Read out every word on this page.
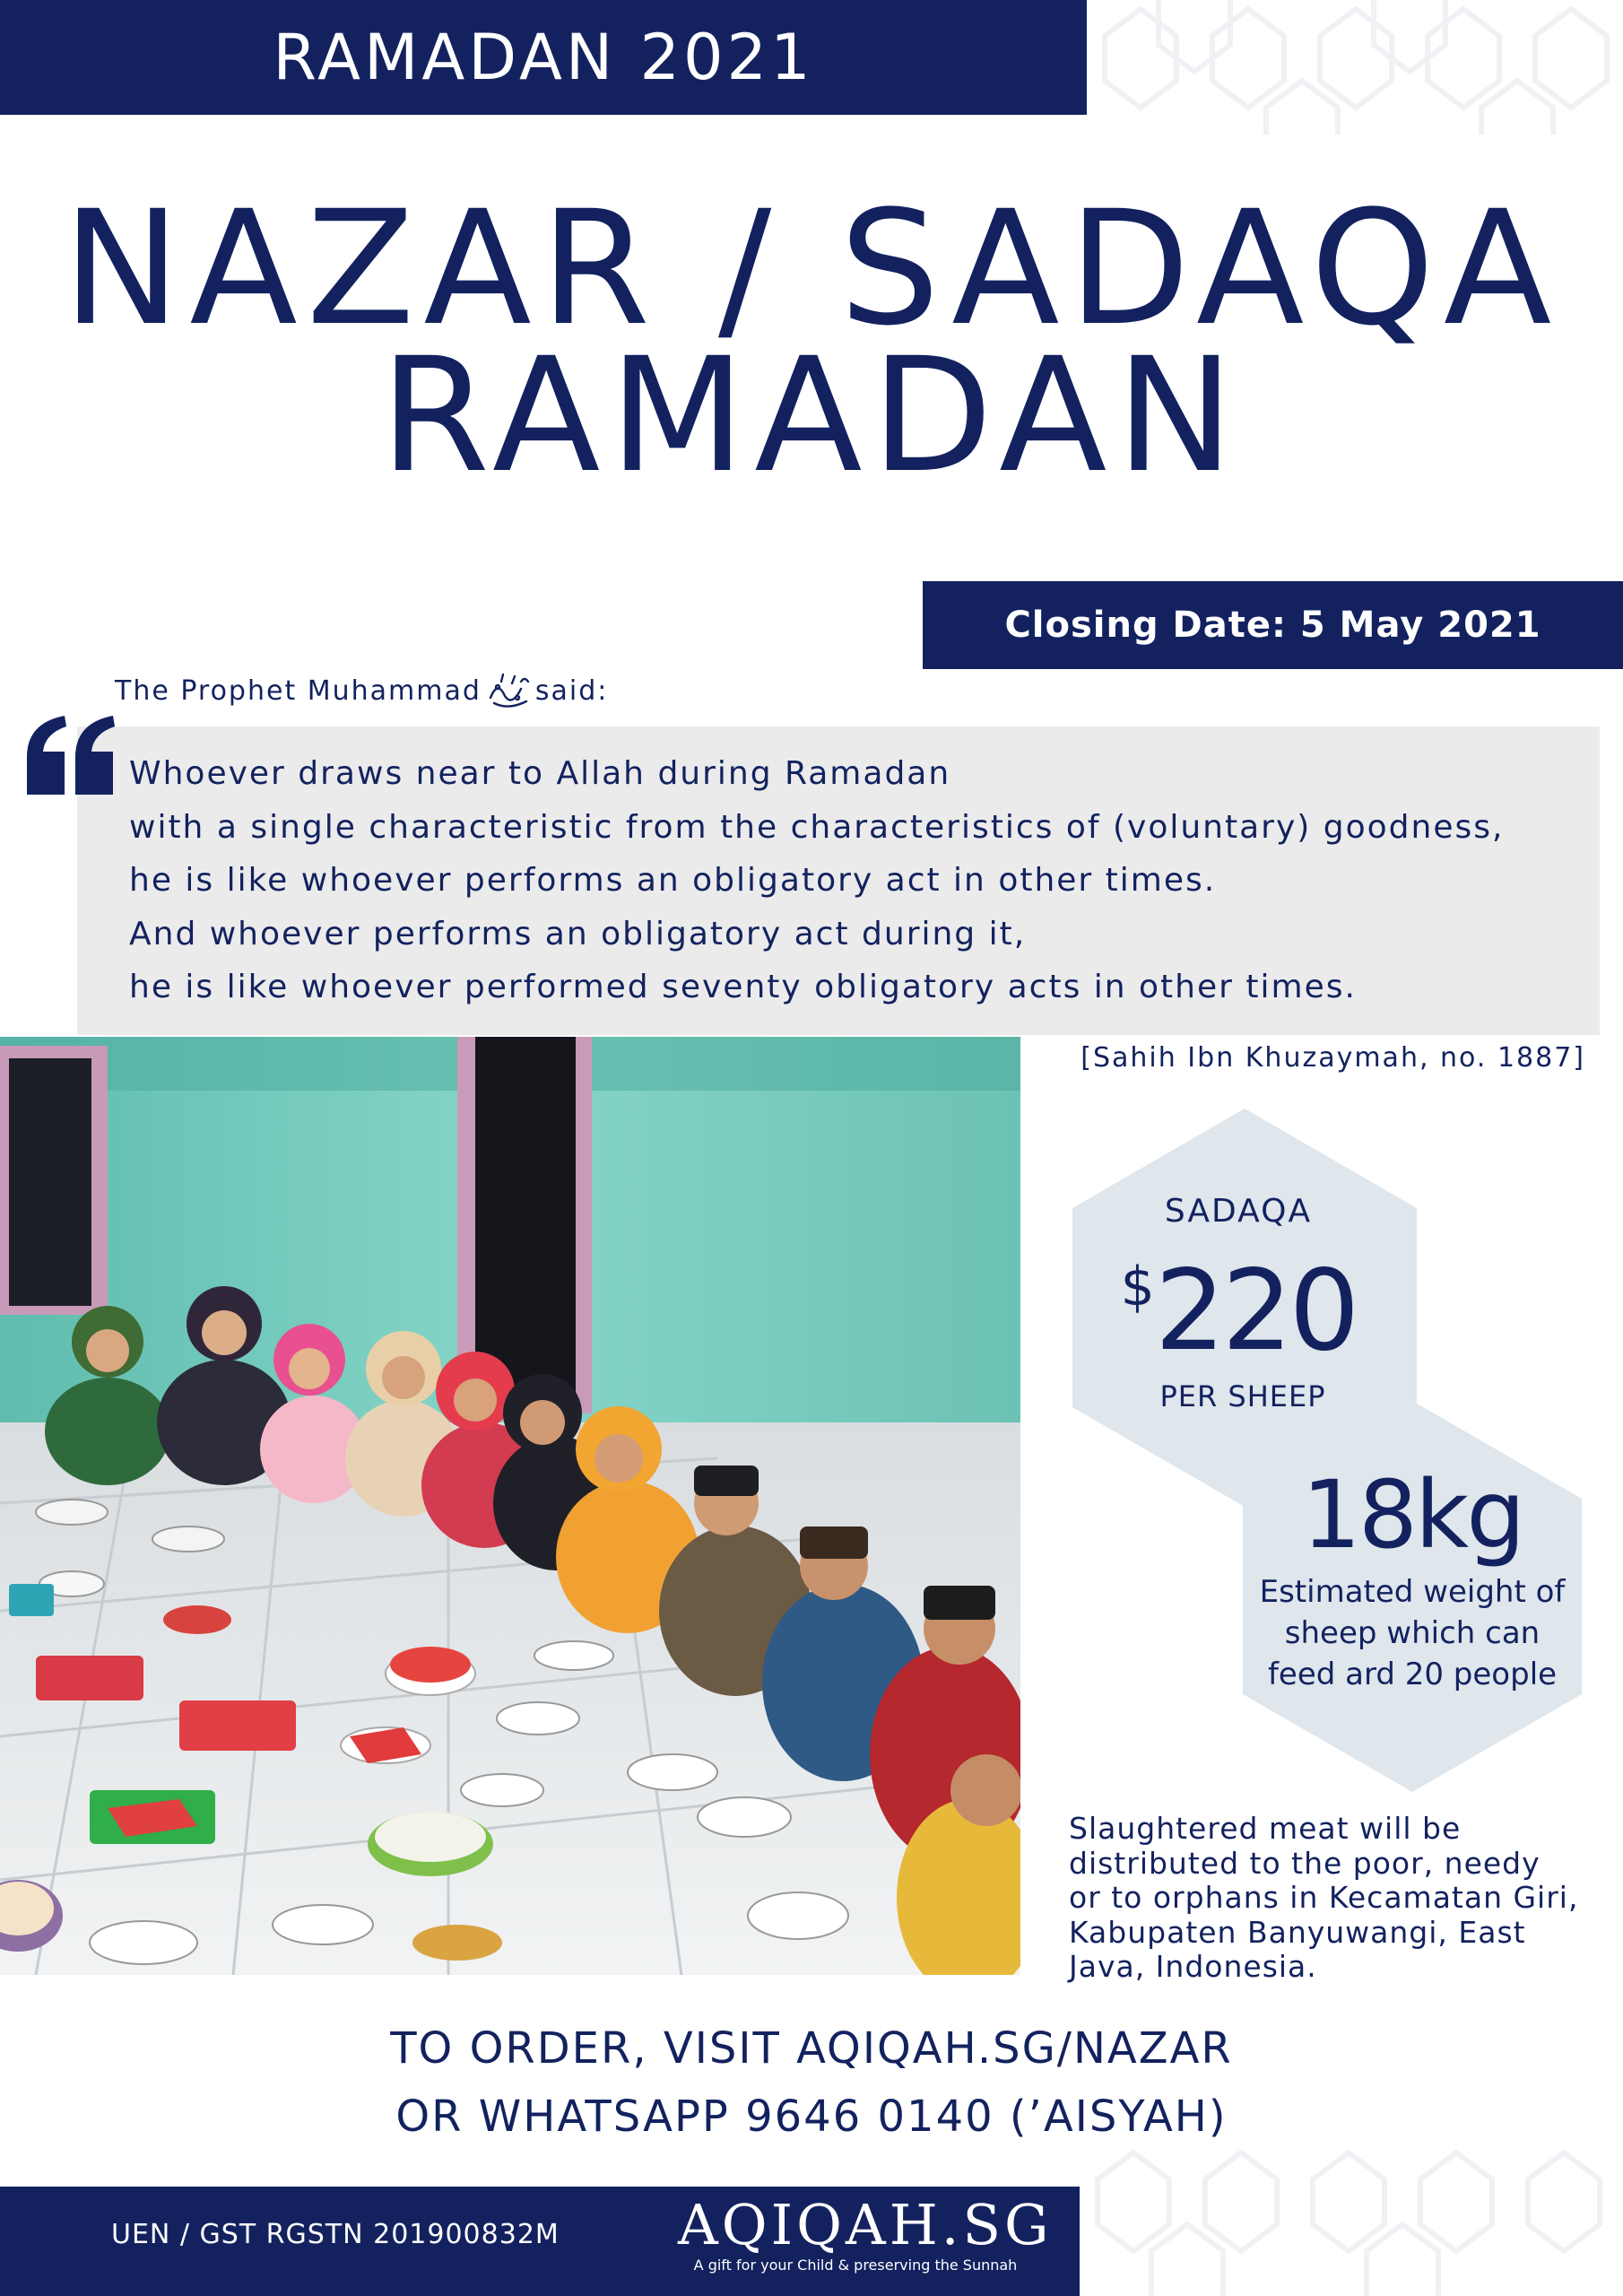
RAMADAN 2021
NAZAR / SADAQA
RAMADAN
Closing Date: 5 May 2021
The Prophet Muhammad said:
Whoever draws near to Allah during Ramadan
with a single characteristic from the characteristics of (voluntary) goodness,
he is like whoever performs an obligatory act in other times.
And whoever performs an obligatory act during it,
he is like whoever performed seventy obligatory acts in other times.
[Sahih Ibn Khuzaymah, no. 1887]
SADAQA
$220
PER SHEEP
18kg
Estimated weight of
sheep which can
feed ard 20 people
Slaughtered meat will be
distributed to the poor, needy
or to orphans in Kecamatan Giri,
Kabupaten Banyuwangi, East
Java, Indonesia.
TO ORDER, VISIT AQIQAH.SG/NAZAR
OR WHATSAPP 9646 0140 (’AISYAH)
UEN / GST RGSTN 201900832M AQIQAH.SG
A gift for your Child & preserving the Sunnah
